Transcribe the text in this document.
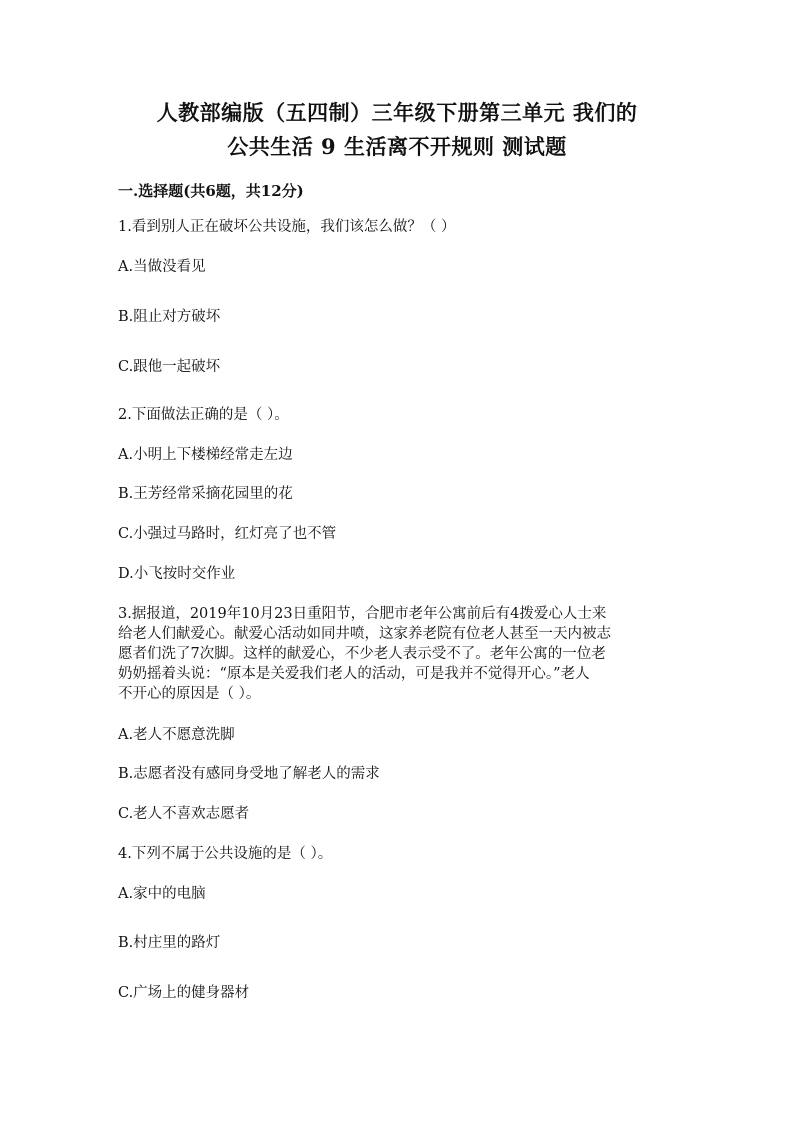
人教部编版（五四制）三年级下册第三单元 我们的
公共生活 9 生活离不开规则 测试题
一.选择题(共6题，共12分)
1.看到别人正在破坏公共设施，我们该怎么做？（ ）
A.当做没看见
B.阻止对方破坏
C.跟他一起破坏
2.下面做法正确的是（ ）。
A.小明上下楼梯经常走左边
B.王芳经常采摘花园里的花
C.小强过马路时，红灯亮了也不管
D.小飞按时交作业
3.据报道，2019年10月23日重阳节，合肥市老年公寓前后有4拨爱心人士来
给老人们献爱心。献爱心活动如同井喷，这家养老院有位老人甚至一天内被志
愿者们洗了7次脚。这样的献爱心，不少老人表示受不了。老年公寓的一位老
奶奶摇着头说：“原本是关爱我们老人的活动，可是我并不觉得开心。”老人
不开心的原因是（ ）。
A.老人不愿意洗脚
B.志愿者没有感同身受地了解老人的需求
C.老人不喜欢志愿者
4.下列不属于公共设施的是（ ）。
A.家中的电脑
B.村庄里的路灯
C.广场上的健身器材
